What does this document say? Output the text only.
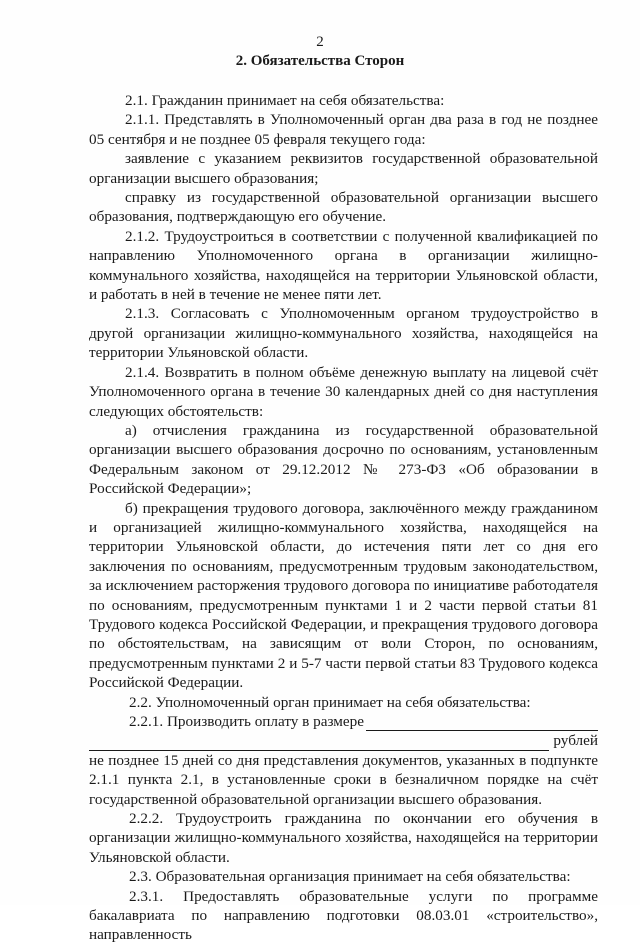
2
2. Обязательства Сторон

2.1. Гражданин принимает на себя обязательства:

2.1.1. Представлять в Уполномоченный орган два раза в год не позднее 05 сентября и не позднее 05 февраля текущего года:

заявление с указанием реквизитов государственной образовательной организации высшего образования;

справку из государственной образовательной организации высшего образования, подтверждающую его обучение.

2.1.2. Трудоустроиться в соответствии с полученной квалификацией по направлению Уполномоченного органа в организации жилищно-коммунального хозяйства, находящейся на территории Ульяновской области, и работать в ней в течение не менее пяти лет.

2.1.3. Согласовать с Уполномоченным органом трудоустройство в другой организации жилищно-коммунального хозяйства, находящейся на территории Ульяновской области.

2.1.4. Возвратить в полном объёме денежную выплату на лицевой счёт Уполномоченного органа в течение 30 календарных дней со дня наступления следующих обстоятельств:

а) отчисления гражданина из государственной образовательной организации высшего образования досрочно по основаниям, установленным Федеральным законом от 29.12.2012 № 273-ФЗ «Об образовании в Российской Федерации»;

б) прекращения трудового договора, заключённого между гражданином и организацией жилищно-коммунального хозяйства, находящейся на территории Ульяновской области, до истечения пяти лет со дня его заключения по основаниям, предусмотренным трудовым законодательством, за исключением расторжения трудового договора по инициативе работодателя по основаниям, предусмотренным пунктами 1 и 2 части первой статьи 81 Трудового кодекса Российской Федерации, и прекращения трудового договора по обстоятельствам, на зависящим от воли Сторон, по основаниям, предусмотренным пунктами 2 и 5-7 части первой статьи 83 Трудового кодекса Российской Федерации.

2.2. Уполномоченный орган принимает на себя обязательства:

2.2.1. Производить оплату в размере
рублей

не позднее 15 дней со дня представления документов, указанных в подпункте 2.1.1 пункта 2.1, в установленные сроки в безналичном порядке на счёт государственной образовательной организации высшего образования.

2.2.2. Трудоустроить гражданина по окончании его обучения в организации жилищно-коммунального хозяйства, находящейся на территории Ульяновской области.

2.3. Образовательная организация принимает на себя обязательства:

2.3.1. Предоставлять образовательные услуги по программе бакалавриата по направлению подготовки 08.03.01 «строительство», направленность
